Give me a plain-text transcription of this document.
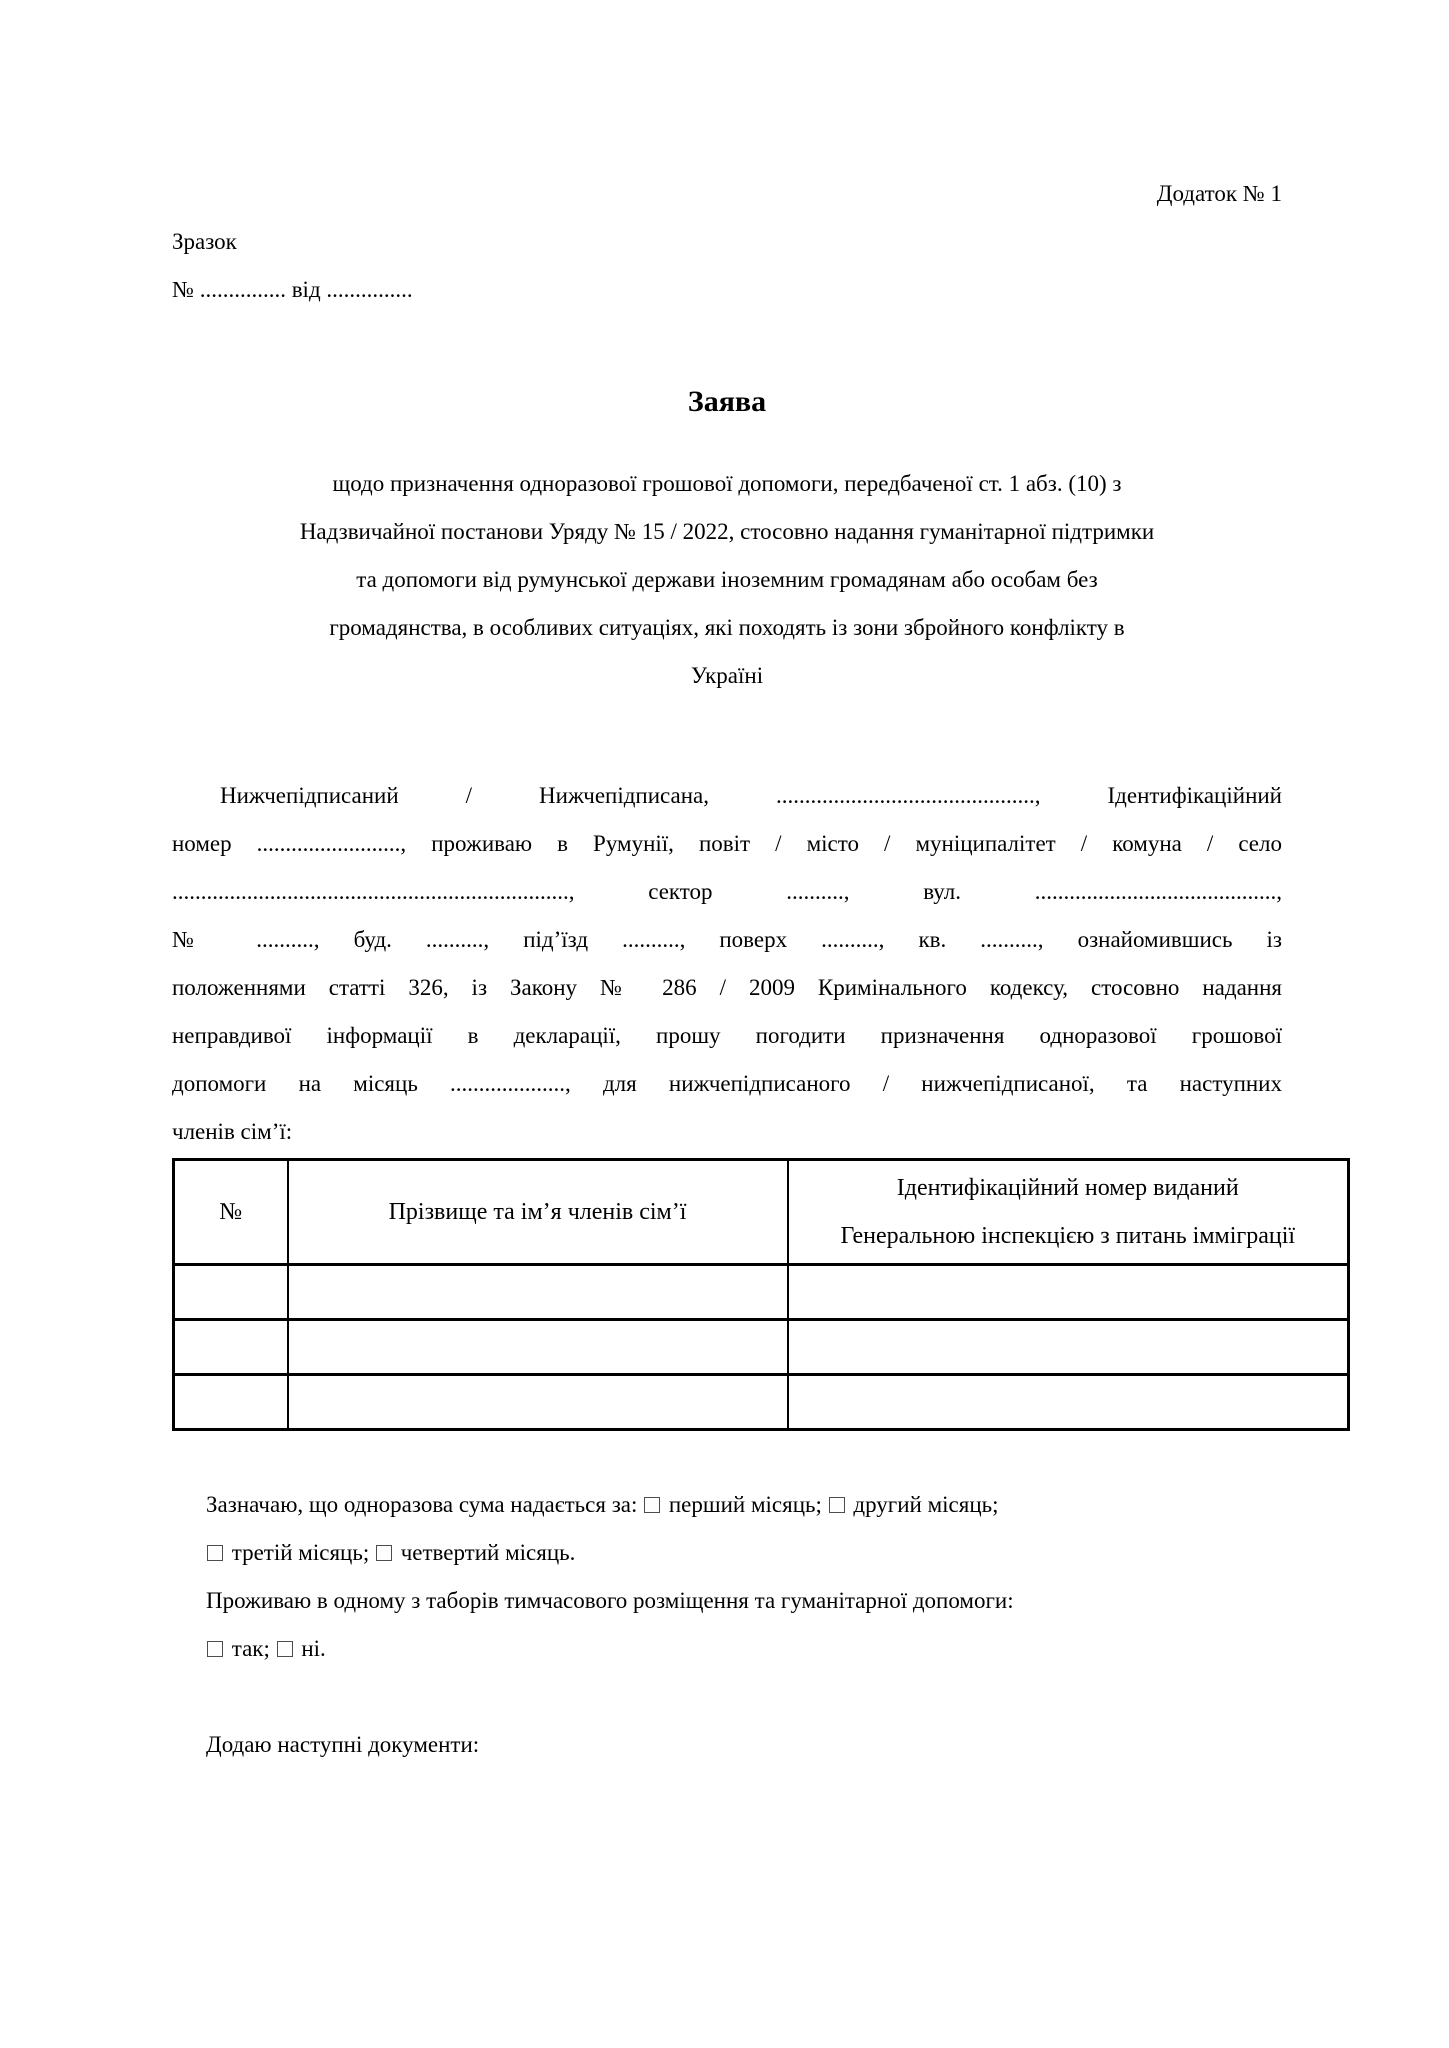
Додаток № 1
Зразок
№ ............... від ...............
Заява
щодо призначення одноразової грошової допомоги, передбаченої ст. 1 абз. (10) з
Надзвичайної постанови Уряду № 15 / 2022, стосовно надання гуманітарної підтримки
та допомоги від румунської держави іноземним громадянам або особам без
громадянства, в особливих ситуаціях, які походять із зони збройного конфлікту в
Україні
Нижчепідписаний / Нижчепідписана, ............................................., Ідентифікаційний
номер ........................., проживаю в Румунії, повіт / місто / муніципалітет / комуна / село
....................................................................., сектор .........., вул. ..........................................,
№ .........., буд. .........., під’їзд .........., поверх .........., кв. .........., ознайомившись із
положеннями статті 326, із Закону № 286 / 2009 Кримінального кодексу, стосовно надання
неправдивої інформації в декларації, прошу погодити призначення одноразової грошової
допомоги на місяць ...................., для нижчепідписаного / нижчепідписаної, та наступних
членів сім’ї:
№	Прізвище та ім’я членів сім’ї	Ідентифікаційний номер виданий
Генеральною інспекцією з питань імміграції

Зазначаю, що одноразова сума надається за:  перший місяць;  другий місяць;
третій місяць;  четвертий місяць.
Проживаю в одному з таборів тимчасового розміщення та гуманітарної допомоги:
так;  ні.
Додаю наступні документи:
